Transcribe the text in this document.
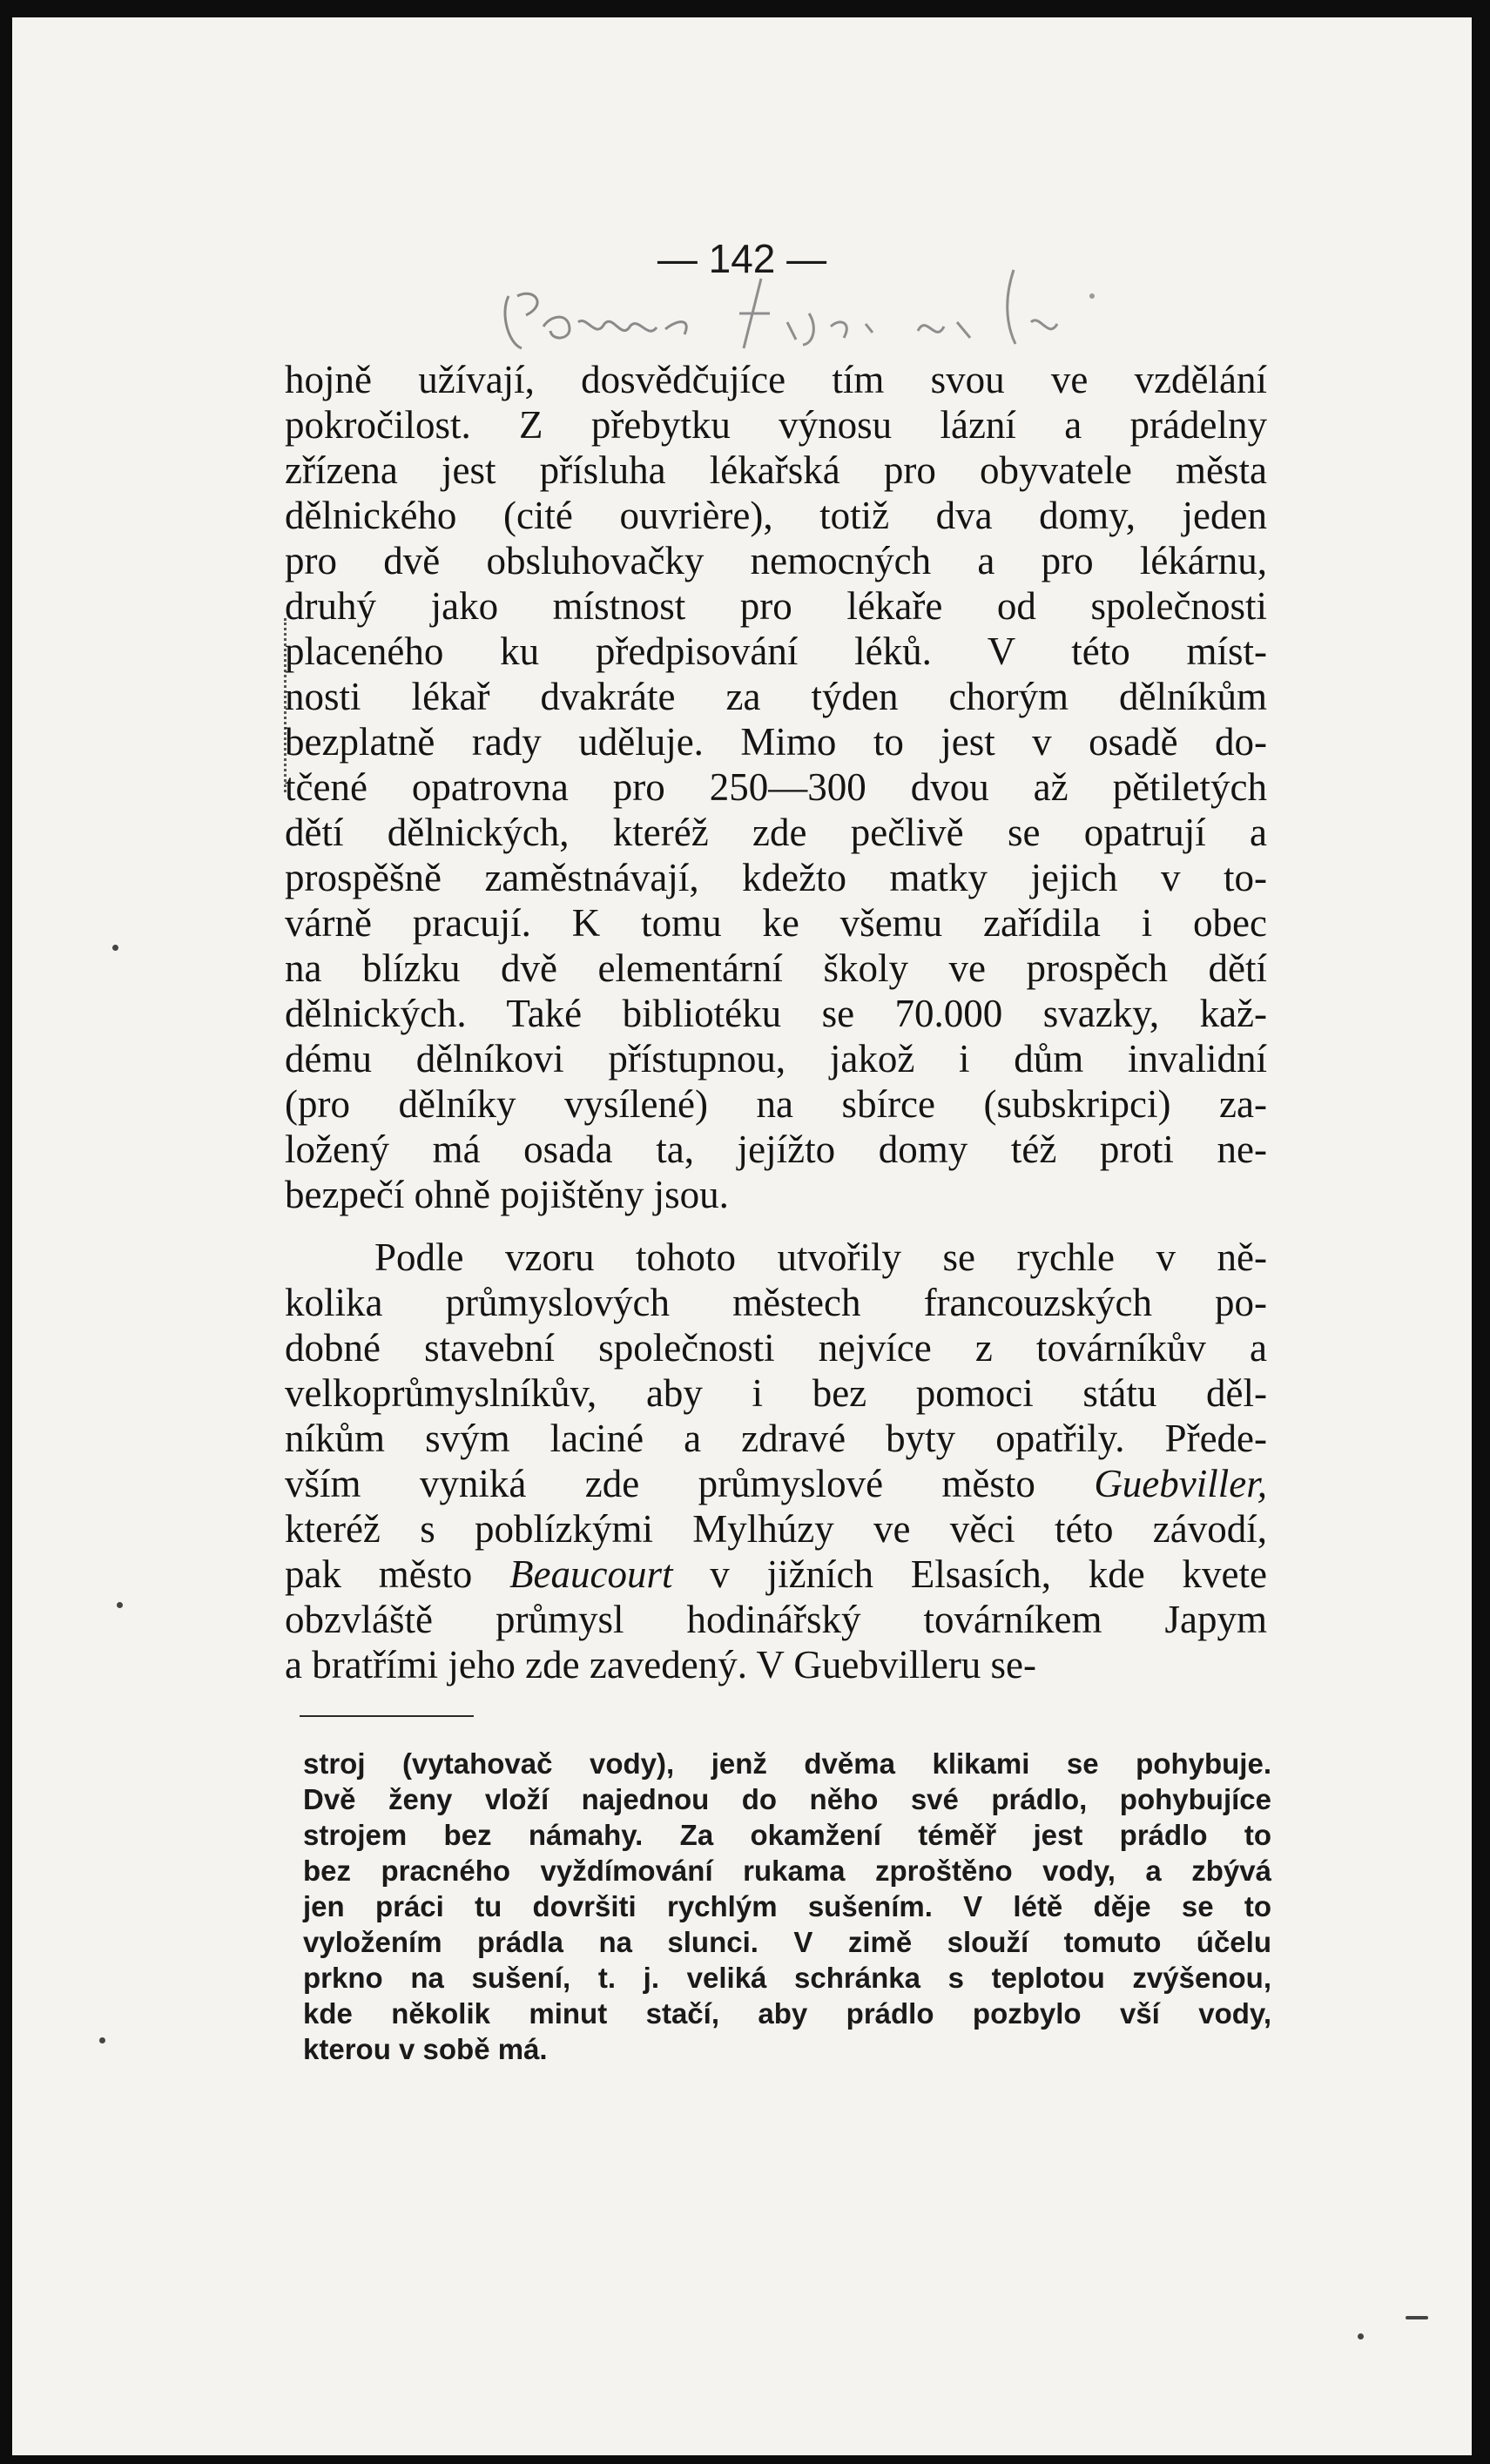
— 142 —

hojně užívají, dosvědčujíce tím svou ve vzdělání

pokročilost. Z přebytku výnosu lázní a prádelny

zřízena jest přísluha lékařská pro obyvatele města

dělnického (cité ouvrière), totiž dva domy, jeden

pro dvě obsluhovačky nemocných a pro lékárnu,

druhý jako místnost pro lékaře od společnosti

placeného ku předpisování léků. V této míst-

nosti lékař dvakráte za týden chorým dělníkům

bezplatně rady uděluje. Mimo to jest v osadě do-

tčené opatrovna pro 250—300 dvou až pětiletých

dětí dělnických, kteréž zde pečlivě se opatrují a

prospěšně zaměstnávají, kdežto matky jejich v to-

várně pracují. K tomu ke všemu zařídila i obec

na blízku dvě elementární školy ve prospěch dětí

dělnických. Také bibliotéku se 70.000 svazky, kaž-

dému dělníkovi přístupnou, jakož i dům invalidní

(pro dělníky vysílené) na sbírce (subskripci) za-

ložený má osada ta, jejížto domy též proti ne-

bezpečí ohně pojištěny jsou.

Podle vzoru tohoto utvořily se rychle v ně-

kolika průmyslových městech francouzských po-

dobné stavební společnosti nejvíce z továrníkův a

velkoprůmyslníkův, aby i bez pomoci státu děl-

níkům svým laciné a zdravé byty opatřily. Přede-

vším vyniká zde průmyslové město Guebviller,

kteréž s poblízkými Mylhúzy ve věci této závodí,

pak město Beaucourt v jižních Elsasích, kde kvete

obzvláště průmysl hodinářský továrníkem Japym

a bratřími jeho zde zavedený. V Guebvilleru se-

stroj (vytahovač vody), jenž dvěma klikami se pohybuje.

Dvě ženy vloží najednou do něho své prádlo, pohybujíce

strojem bez námahy. Za okamžení téměř jest prádlo to

bez pracného vyždímování rukama zproštěno vody, a zbývá

jen práci tu dovršiti rychlým sušením. V létě děje se to

vyložením prádla na slunci. V zimě slouží tomuto účelu

prkno na sušení, t. j. veliká schránka s teplotou zvýšenou,

kde několik minut stačí, aby prádlo pozbylo vší vody,

kterou v sobě má.
